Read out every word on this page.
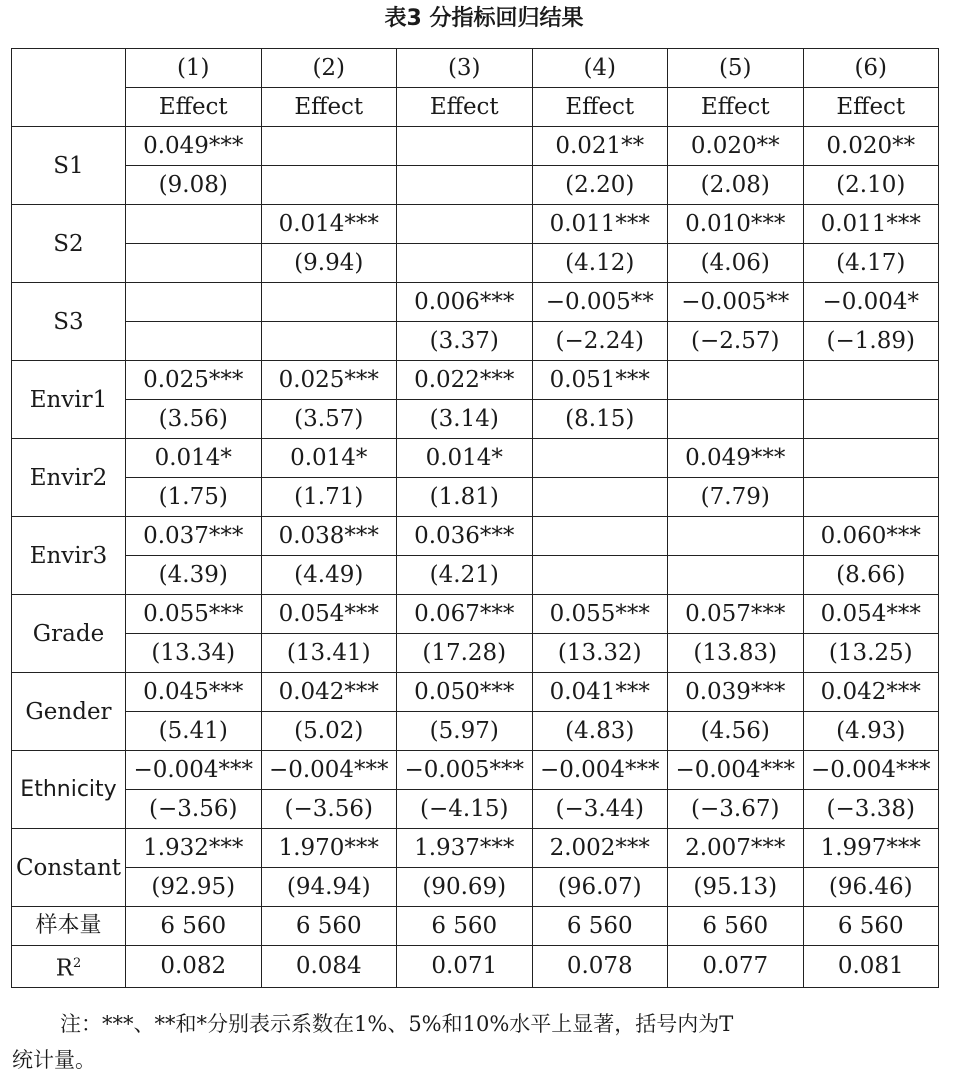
表3 分指标回归结果
	(1)	(2)	(3)	(4)	(5)	(6)
	Effect	Effect	Effect	Effect	Effect	Effect
S1	0.049***			0.021**	0.020**	0.020**
	(9.08)			(2.20)	(2.08)	(2.10)
S2		0.014***		0.011***	0.010***	0.011***
		(9.94)		(4.12)	(4.06)	(4.17)
S3			0.006***	−0.005**	−0.005**	−0.004*
			(3.37)	(−2.24)	(−2.57)	(−1.89)
Envir1	0.025***	0.025***	0.022***	0.051***		
	(3.56)	(3.57)	(3.14)	(8.15)		
Envir2	0.014*	0.014*	0.014*		0.049***	
	(1.75)	(1.71)	(1.81)		(7.79)	
Envir3	0.037***	0.038***	0.036***			0.060***
	(4.39)	(4.49)	(4.21)			(8.66)
Grade	0.055***	0.054***	0.067***	0.055***	0.057***	0.054***
	(13.34)	(13.41)	(17.28)	(13.32)	(13.83)	(13.25)
Gender	0.045***	0.042***	0.050***	0.041***	0.039***	0.042***
	(5.41)	(5.02)	(5.97)	(4.83)	(4.56)	(4.93)
Ethnicity	−0.004***	−0.004***	−0.005***	−0.004***	−0.004***	−0.004***
	(−3.56)	(−3.56)	(−4.15)	(−3.44)	(−3.67)	(−3.38)
Constant	1.932***	1.970***	1.937***	2.002***	2.007***	1.997***
	(92.95)	(94.94)	(90.69)	(96.07)	(95.13)	(96.46)
样本量	6 560	6 560	6 560	6 560	6 560	6 560
$R^2$	0.082	0.084	0.071	0.078	0.077	0.081
注：***、**和*分别表示系数在1%、5%和10%水平上显著，括号内为T
统计量。
